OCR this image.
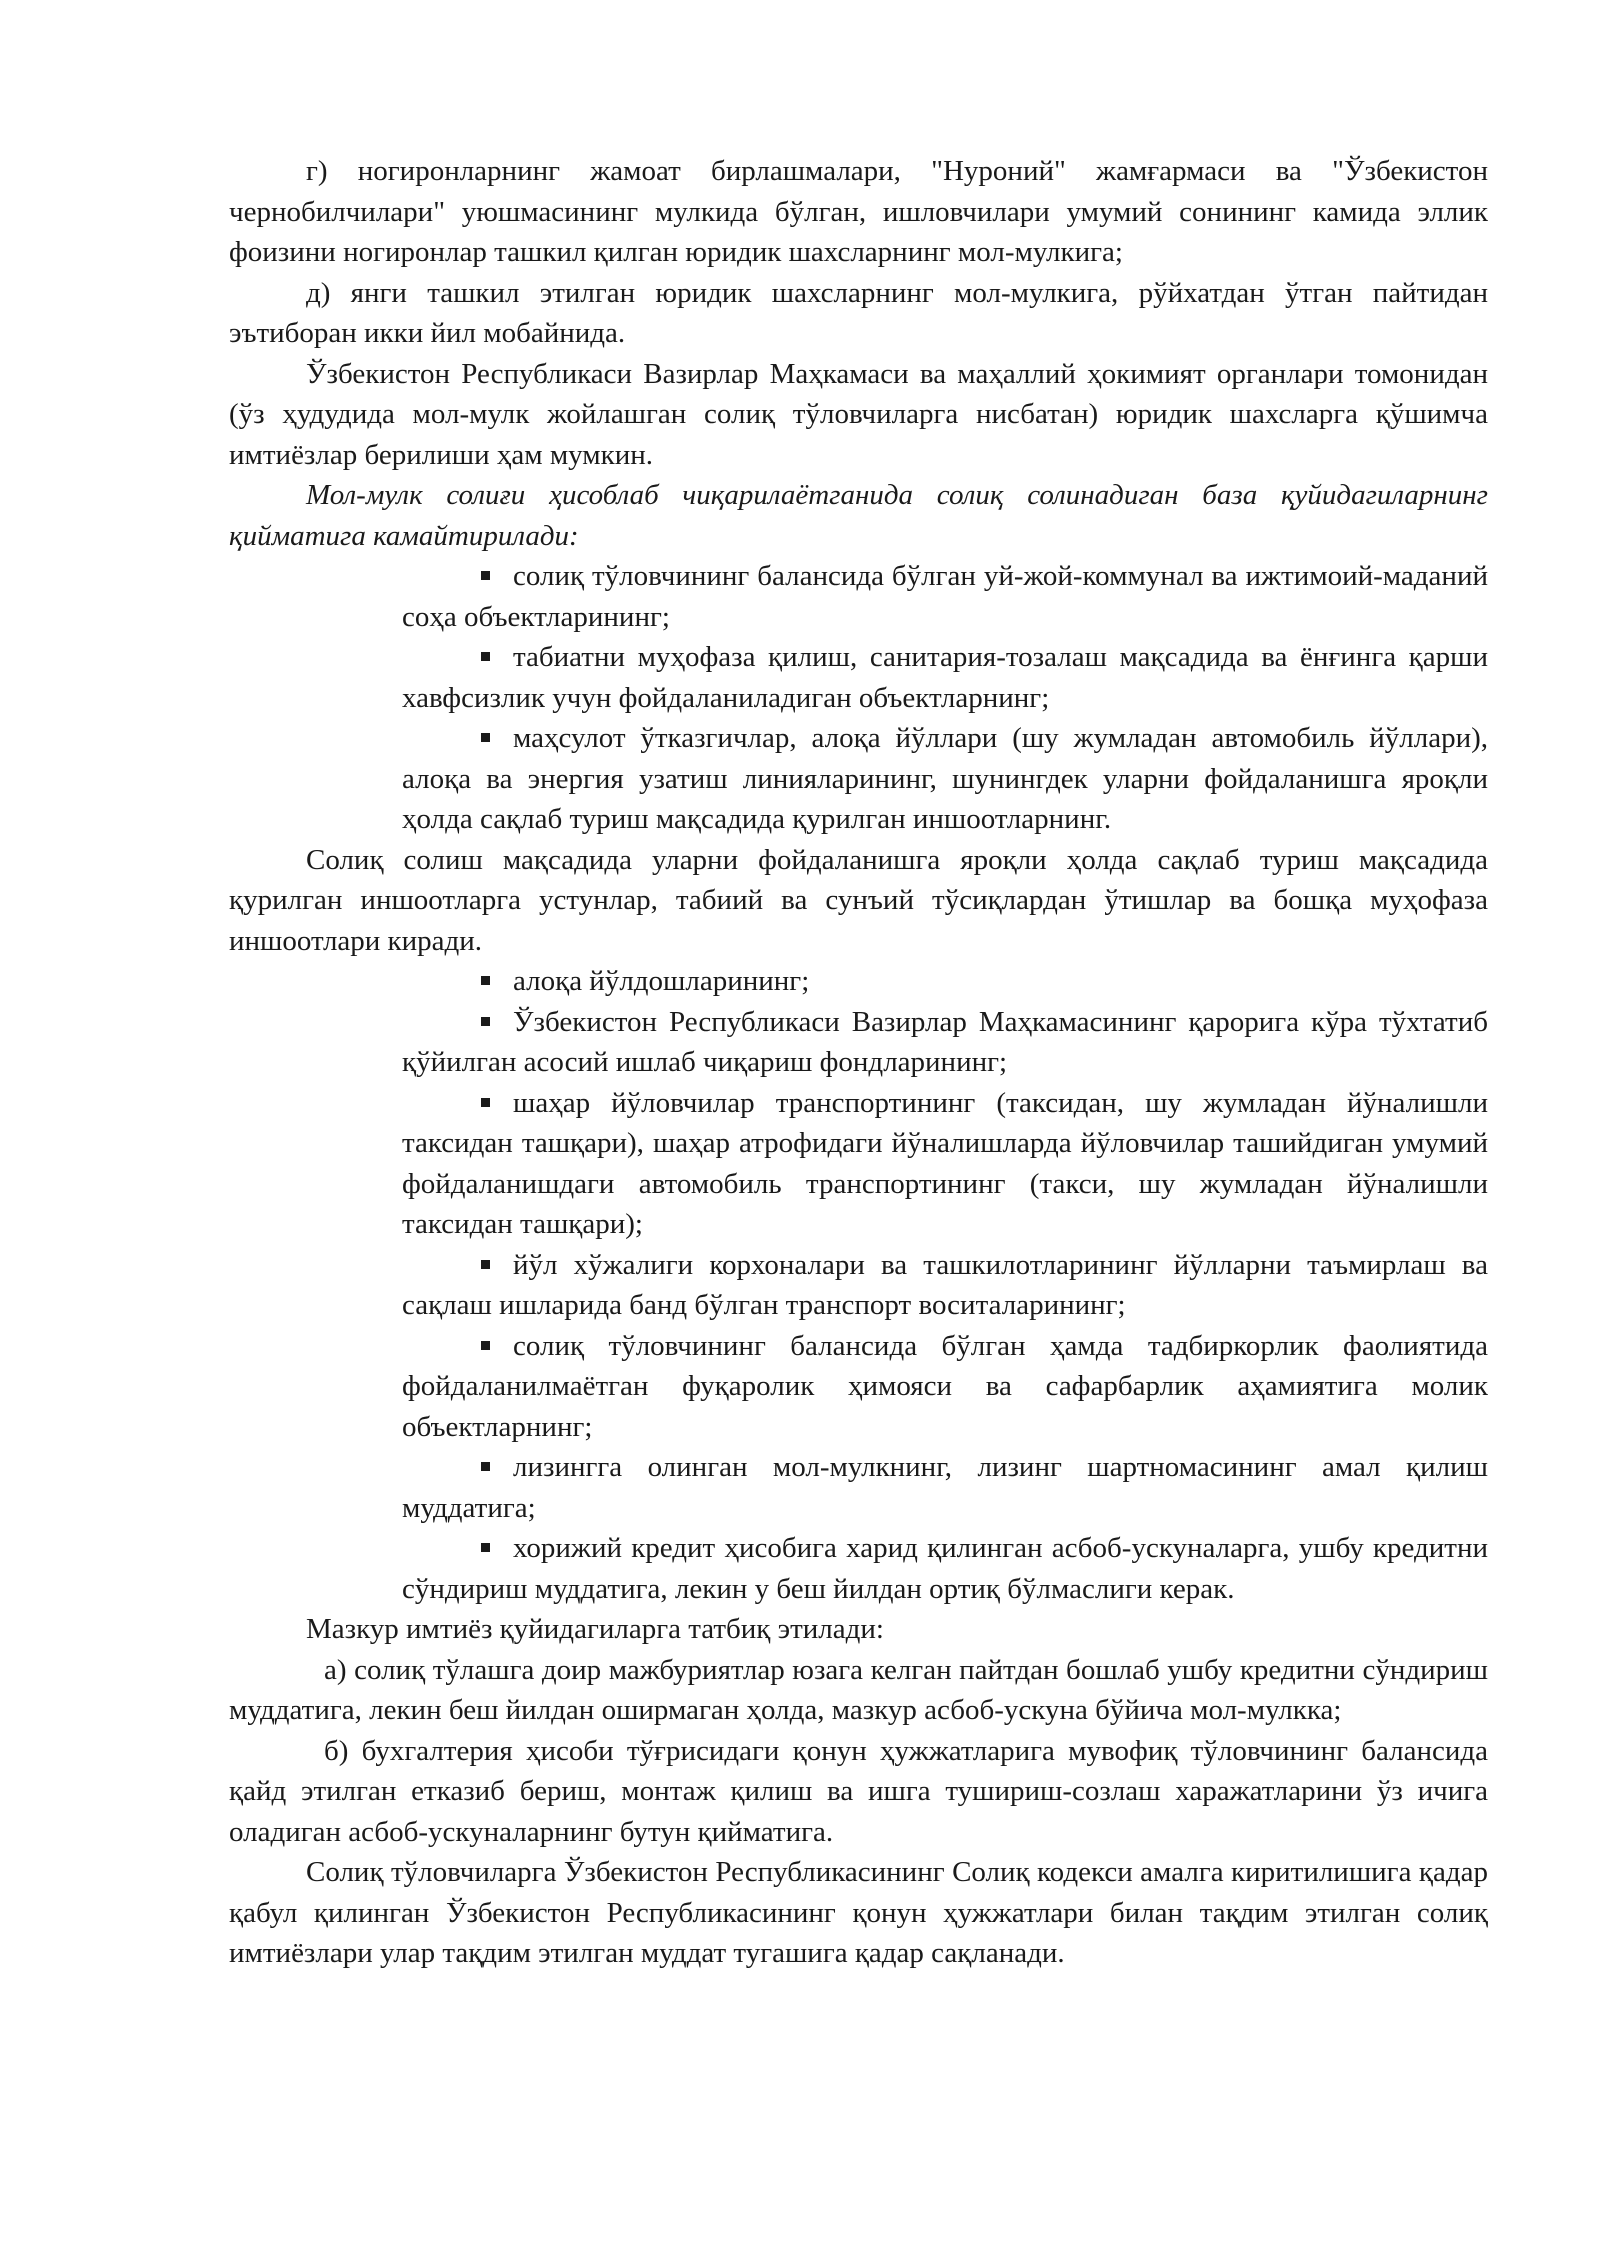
г) ногиронларнинг жамоат бирлашмалари, "Нуроний" жамғармаси ва "Ўзбекистон чернобилчилари" уюшмасининг мулкида бўлган, ишловчилари умумий сонининг камида эллик фоизини ногиронлар ташкил қилган юридик шахсларнинг мол-мулкига;

д) янги ташкил этилган юридик шахсларнинг мол-мулкига, рўйхатдан ўтган пайтидан эътиборан икки йил мобайнида.

Ўзбекистон Республикаси Вазирлар Маҳкамаси ва маҳаллий ҳокимият органлари томонидан (ўз ҳудудида мол-мулк жойлашган солиқ тўловчиларга нисбатан) юридик шахсларга қўшимча имтиёзлар берилиши ҳам мумкин.

Мол-мулк солиғи ҳисоблаб чиқарилаётганида солиқ солинадиган база қуйидагиларнинг қийматига камайтирилади:

солиқ тўловчининг балансида бўлган уй-жой-коммунал ва ижтимоий-маданий соҳа объектларининг;

табиатни муҳофаза қилиш, санитария-тозалаш мақсадида ва ёнғинга қарши хавфсизлик учун фойдаланиладиган объектларнинг;

маҳсулот ўтказгичлар, алоқа йўллари (шу жумладан автомобиль йўллари), алоқа ва энергия узатиш линияларининг, шунингдек уларни фойдаланишга яроқли ҳолда сақлаб туриш мақсадида қурилган иншоотларнинг.

Солиқ солиш мақсадида уларни фойдаланишга яроқли ҳолда сақлаб туриш мақсадида қурилган иншоотларга устунлар, табиий ва сунъий тўсиқлардан ўтишлар ва бошқа муҳофаза иншоотлари киради.

алоқа йўлдошларининг;

Ўзбекистон Республикаси Вазирлар Маҳкамасининг қарорига кўра тўхтатиб қўйилган асосий ишлаб чиқариш фондларининг;

шаҳар йўловчилар транспортининг (таксидан, шу жумладан йўналишли таксидан ташқари), шаҳар атрофидаги йўналишларда йўловчилар ташийдиган умумий фойдаланишдаги автомобиль транспортининг (такси, шу жумладан йўналишли таксидан ташқари);

йўл хўжалиги корхоналари ва ташкилотларининг йўлларни таъмирлаш ва сақлаш ишларида банд бўлган транспорт воситаларининг;

солиқ тўловчининг балансида бўлган ҳамда тадбиркорлик фаолиятида фойдаланилмаётган фуқаролик ҳимояси ва сафарбарлик аҳамиятига молик объектларнинг;

лизингга олинган мол-мулкнинг, лизинг шартномасининг амал қилиш муддатига;

хорижий кредит ҳисобига харид қилинган асбоб-ускуналарга, ушбу кредитни сўндириш муддатига, лекин у беш йилдан ортиқ бўлмаслиги керак.

Мазкур имтиёз қуйидагиларга татбиқ этилади:

а) солиқ тўлашга доир мажбуриятлар юзага келган пайтдан бошлаб ушбу кредитни сўндириш муддатига, лекин беш йилдан оширмаган ҳолда, мазкур асбоб-ускуна бўйича мол-мулкка;

б) бухгалтерия ҳисоби тўғрисидаги қонун ҳужжатларига мувофиқ тўловчининг балансида қайд этилган етказиб бериш, монтаж қилиш ва ишга тушириш-созлаш харажатларини ўз ичига оладиган асбоб-ускуналарнинг бутун қийматига.

Солиқ тўловчиларга Ўзбекистон Республикасининг Солиқ кодекси амалга киритилишига қадар қабул қилинган Ўзбекистон Республикасининг қонун ҳужжатлари билан тақдим этилган солиқ имтиёзлари улар тақдим этилган муддат тугашига қадар сақланади.
